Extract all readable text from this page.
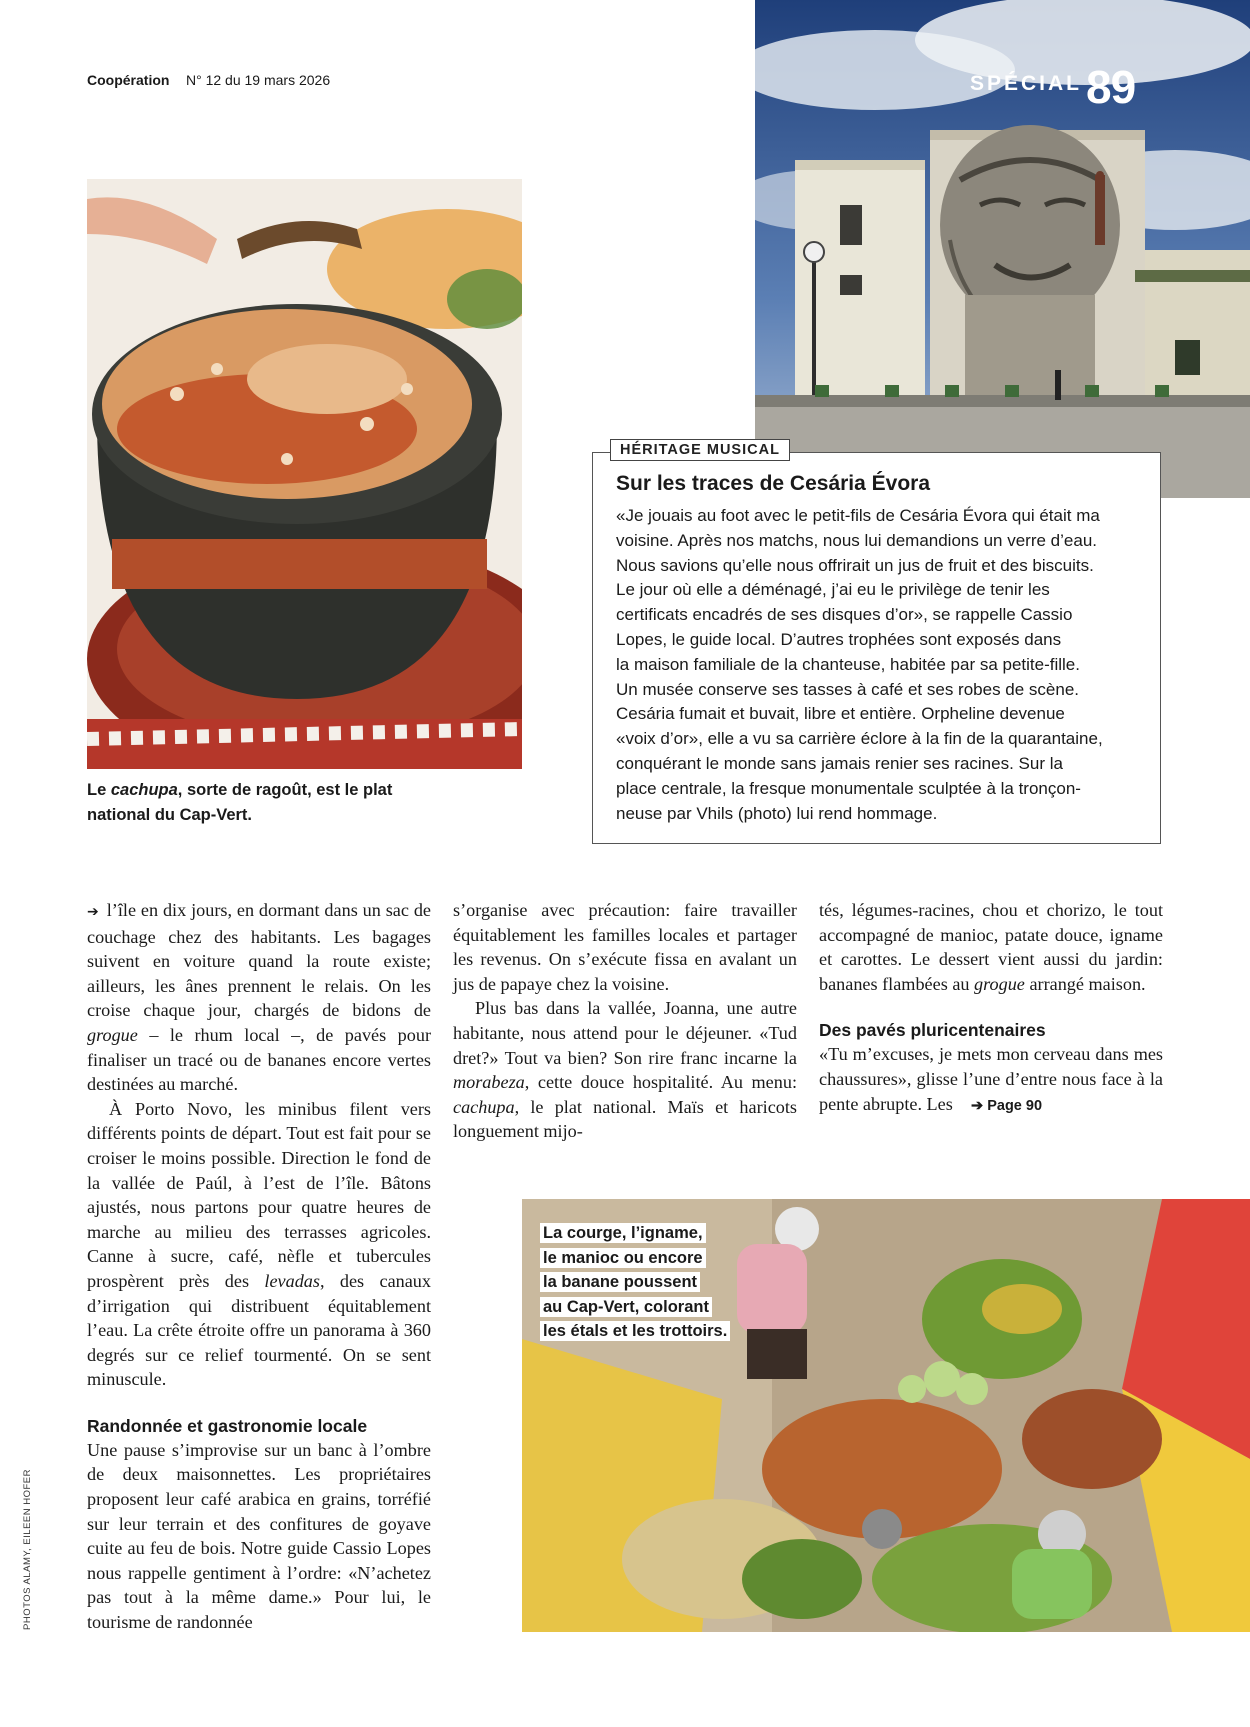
Coopération N° 12 du 19 mars 2026	SPÉCIAL 89
Le cachupa, sorte de ragoût, est le plat national du Cap-Vert.
HÉRITAGE MUSICAL
Sur les traces de Cesária Évora
«Je jouais au foot avec le petit-fils de Cesária Évora qui était ma
voisine. Après nos matchs, nous lui demandions un verre d’eau.
Nous savions qu’elle nous offrirait un jus de fruit et des biscuits.
Le jour où elle a déménagé, j’ai eu le privilège de tenir les
certificats encadrés de ses disques d’or», se rappelle Cassio
Lopes, le guide local. D’autres trophées sont exposés dans
la maison familiale de la chanteuse, habitée par sa petite-fille.
Un musée conserve ses tasses à café et ses robes de scène.
Cesária fumait et buvait, libre et entière. Orpheline devenue
«voix d’or», elle a vu sa carrière éclore à la fin de la quarantaine,
conquérant le monde sans jamais renier ses racines. Sur la
place centrale, la fresque monumentale sculptée à la tronçon-
neuse par Vhils (photo) lui rend hommage.

➔ l’île en dix jours, en dormant dans un sac de couchage chez des habitants. Les bagages suivent en voiture quand la route existe; ailleurs, les ânes prennent le relais. On les croise chaque jour, chargés de bidons de grogue – le rhum local –, de pavés pour finaliser un tracé ou de bananes encore vertes destinées au marché.

À Porto Novo, les minibus filent vers différents points de départ. Tout est fait pour se croiser le moins possible. Direction le fond de la vallée de Paúl, à l’est de l’île. Bâtons ajustés, nous partons pour quatre heures de marche au milieu des terrasses agricoles. Canne à sucre, café, nèfle et tubercules prospèrent près des levadas, des canaux d’irrigation qui distribuent équitablement l’eau. La crête étroite offre un panorama à 360 degrés sur ce relief tourmenté. On se sent minuscule.

Randonnée et gastronomie locale

Une pause s’improvise sur un banc à l’ombre de deux maisonnettes. Les propriétaires proposent leur café arabica en grains, torréfié sur leur terrain et des confitures de goyave cuite au feu de bois. Notre guide Cassio Lopes nous rappelle gentiment à l’ordre: «N’achetez pas tout à la même dame.» Pour lui, le tourisme de randonnée

s’organise avec précaution: faire travailler équitablement les familles locales et partager les revenus. On s’exécute fissa en avalant un jus de papaye chez la voisine.

Plus bas dans la vallée, Joanna, une autre habitante, nous attend pour le déjeuner. «Tud dret?» Tout va bien? Son rire franc incarne la morabeza, cette douce hospitalité. Au menu: cachupa, le plat national. Maïs et haricots longuement mijo-

tés, légumes-racines, chou et chorizo, le tout accompagné de manioc, patate douce, igname et carottes. Le dessert vient aussi du jardin: bananes flambées au grogue arrangé maison.

Des pavés pluricentenaires

«Tu m’excuses, je mets mon cerveau dans mes chaussures», glisse l’une d’entre nous face à la pente abrupte. Les ➔ Page 90

La courge, l’igname,
le manioc ou encore
la banane poussent
au Cap-Vert, colorant
les étals et les trottoirs.
PHOTOS ALAMY, EILEEN HOFER
